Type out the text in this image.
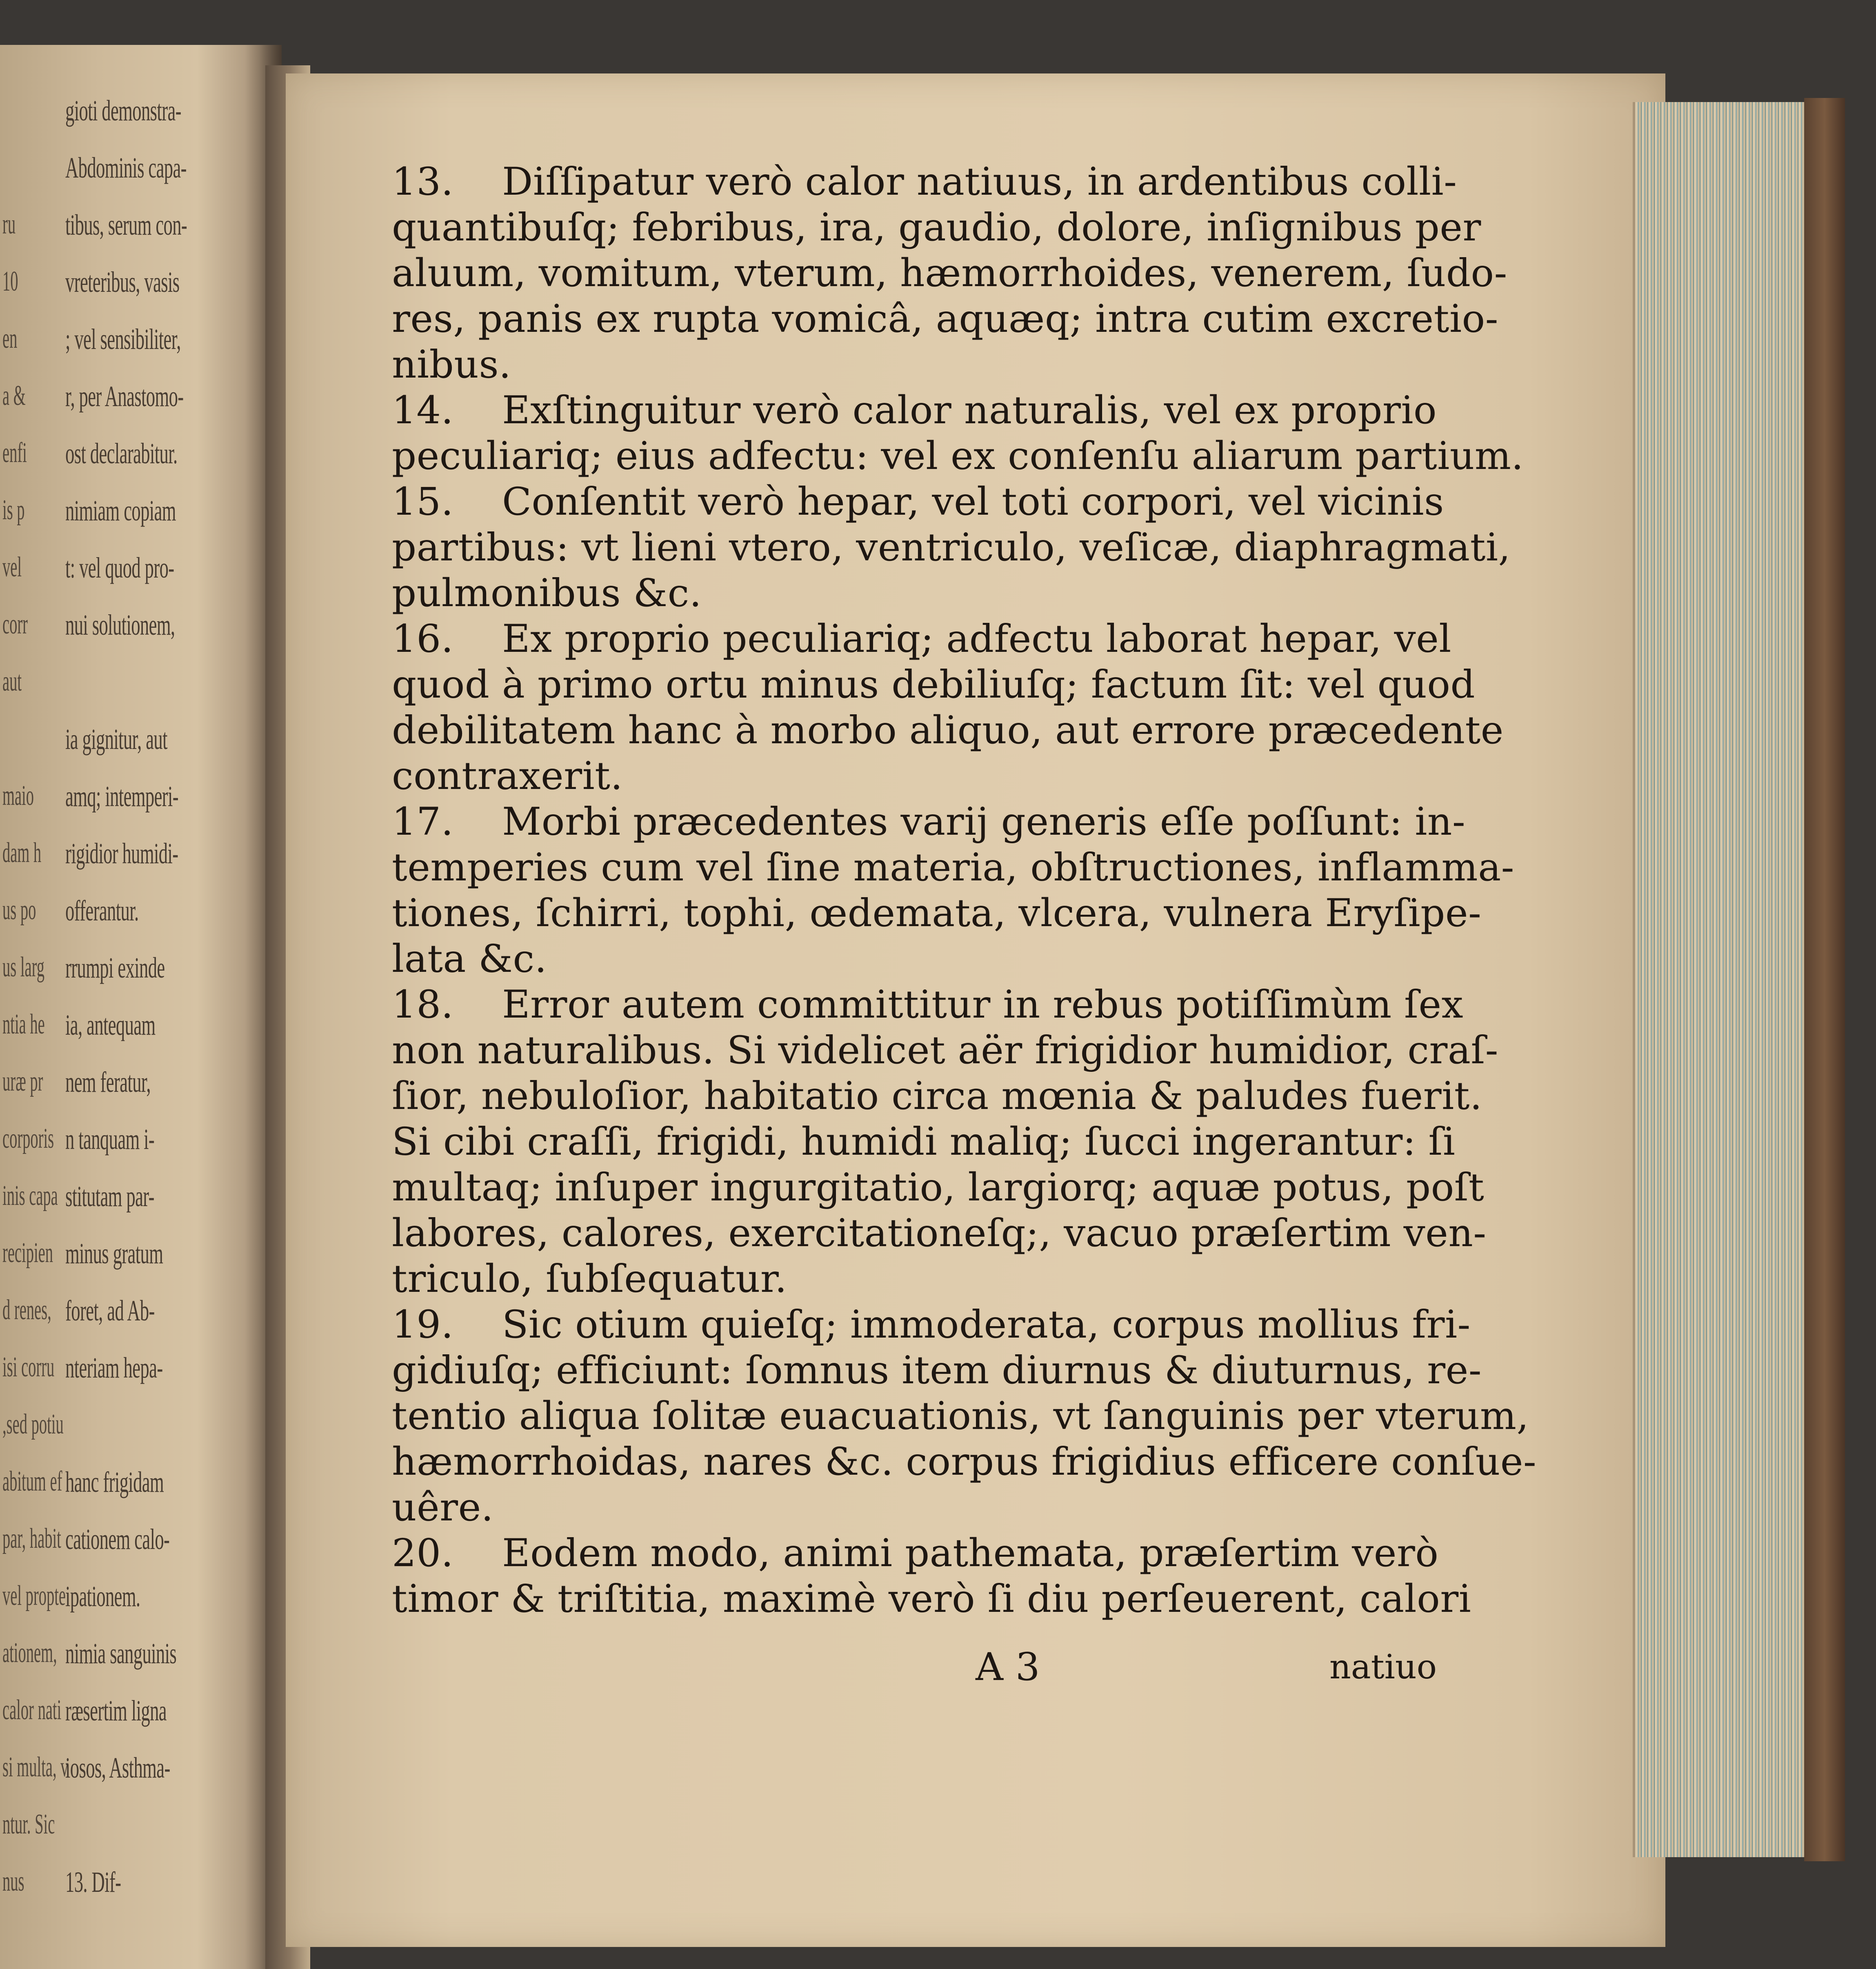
gioti demonstra-
Abdominis capa-
tibus, serum con-
vreteribus, vasis
; vel sensibiliter,
r, per Anastomo-
ost declarabitur.
nimiam copiam
t: vel quod pro-
nui solutionem,
ia gignitur, aut
amq; intemperi-
rigidior humidi-
offerantur.
rrumpi exinde
ia, antequam
nem feratur,
n tanquam i-
stitutam par-
minus gratum
foret, ad Ab-
nteriam hepa-
hanc frigidam
cationem calo-
ipationem.
nimia sanguinis
ræsertim ligna
iosos, Asthma-
13. Dif-
ru
10
en
a &
enfi
is p
vel
corr
aut
maio
dam h
us po
us larg
ntia he
uræ pr
corporis
inis capa
recipien
d renes,
isi corru
,sed potiu
abitum ef
par, habit
vel propte
ationem,
calor nati
si multa, v
ntur. Sic
nus
13. Diſſipatur verò calor natiuus, in ardentibus colli-
quantibuſq; febribus, ira, gaudio, dolore, inſignibus per
aluum, vomitum, vterum, hæmorrhoides, venerem, ſudo-
res, panis ex rupta vomicâ, aquæq; intra cutim excretio-
nibus.
14. Exſtinguitur verò calor naturalis, vel ex proprio
peculiariq; eius adfectu: vel ex conſenſu aliarum partium.
15. Conſentit verò hepar, vel toti corpori, vel vicinis
partibus: vt lieni vtero, ventriculo, veſicæ, diaphragmati,
pulmonibus &c.
16. Ex proprio peculiariq; adfectu laborat hepar, vel
quod à primo ortu minus debiliuſq; factum ſit: vel quod
debilitatem hanc à morbo aliquo, aut errore præcedente
contraxerit.
17. Morbi præcedentes varij generis eſſe poſſunt: in-
temperies cum vel ſine materia, obſtructiones, inflamma-
tiones, ſchirri, tophi, œdemata, vlcera, vulnera Eryſipe-
lata &c.
18. Error autem committitur in rebus potiſſimùm ſex
non naturalibus. Si videlicet aër frigidior humidior, craſ-
ſior, nebuloſior, habitatio circa mœnia & paludes fuerit.
Si cibi craſſi, frigidi, humidi maliq; ſucci ingerantur: ſi
multaq; inſuper ingurgitatio, largiorq; aquæ potus, poſt
labores, calores, exercitationeſq;, vacuo præſertim ven-
triculo, ſubſequatur.
19. Sic otium quieſq; immoderata, corpus mollius fri-
gidiuſq; efficiunt: ſomnus item diurnus & diuturnus, re-
tentio aliqua ſolitæ euacuationis, vt ſanguinis per vterum,
hæmorrhoidas, nares &c. corpus frigidius efficere conſue-
uêre.
20. Eodem modo, animi pathemata, præſertim verò
timor & triſtitia, maximè verò ſi diu perſeuerent, calori
A 3	natiuo
